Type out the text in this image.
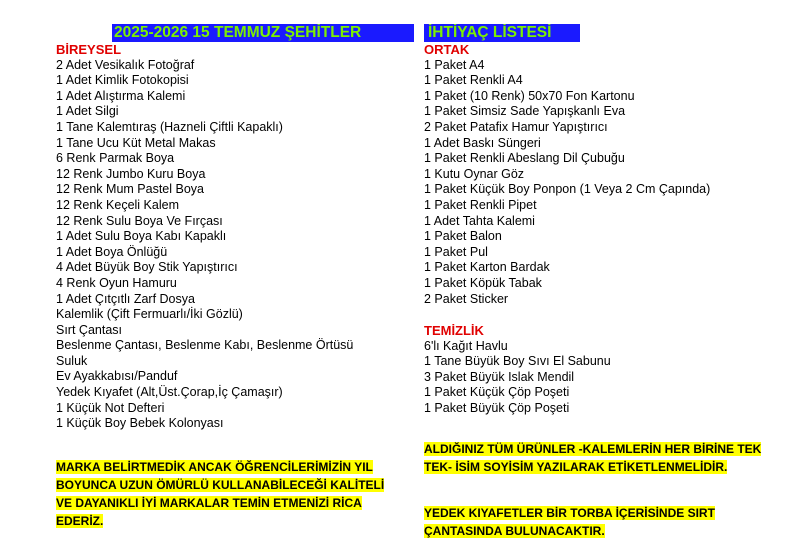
2025-2026 15 TEMMUZ ŞEHİTLER	İHTİYAÇ LİSTESİ
BİREYSEL
2 Adet Vesikalık Fotoğraf
1 Adet Kimlik Fotokopisi
1 Adet Alıştırma Kalemi
1 Adet Silgi
1 Tane Kalemtıraş (Hazneli Çiftli Kapaklı)
1 Tane Ucu Küt Metal Makas
6 Renk Parmak Boya
12 Renk Jumbo Kuru Boya
12 Renk Mum Pastel Boya
12 Renk Keçeli Kalem
12 Renk Sulu Boya Ve Fırçası
1 Adet Sulu Boya Kabı Kapaklı
1 Adet Boya Önlüğü
4 Adet Büyük Boy Stik Yapıştırıcı
4 Renk Oyun Hamuru
1 Adet Çıtçıtlı Zarf Dosya
Kalemlik (Çift Fermuarlı/İki Gözlü)
Sırt Çantası
Beslenme Çantası, Beslenme Kabı, Beslenme Örtüsü
Suluk
Ev Ayakkabısı/Panduf
Yedek Kıyafet (Alt,Üst.Çorap,İç Çamaşır)
1 Küçük Not Defteri
1 Küçük Boy Bebek Kolonyası
MARKA BELİRTMEDİK ANCAK ÖĞRENCİLERİMİZİN YIL BOYUNCA UZUN ÖMÜRLÜ KULLANABİLECEĞİ KALİTELİ VE DAYANIKLI İYİ MARKALAR TEMİN ETMENİZİ RİCA EDERİZ.
ORTAK
1 Paket A4
1 Paket Renkli A4
1 Paket (10 Renk) 50x70 Fon Kartonu
1 Paket Simsiz Sade Yapışkanlı Eva
2 Paket Patafix Hamur Yapıştırıcı
1 Adet Baskı Süngeri
1 Paket Renkli Abeslang Dil Çubuğu
1 Kutu Oynar Göz
1 Paket Küçük Boy Ponpon (1 Veya 2 Cm Çapında)
1 Paket Renkli Pipet
1 Adet Tahta Kalemi
1 Paket Balon
1 Paket Pul
1 Paket Karton Bardak
1 Paket Köpük Tabak
2 Paket Sticker
TEMİZLİK
6'lı Kağıt Havlu
1 Tane Büyük Boy Sıvı El Sabunu
3 Paket Büyük Islak Mendil
1 Paket Küçük Çöp Poşeti
1 Paket Büyük Çöp Poşeti
ALDIĞINIZ TÜM ÜRÜNLER -KALEMLERİN HER BİRİNE TEK TEK- İSİM SOYİSİM YAZILARAK ETİKETLENMELİDİR.
YEDEK KIYAFETLER BİR TORBA İÇERİSİNDE SIRT ÇANTASINDA BULUNACAKTIR.
